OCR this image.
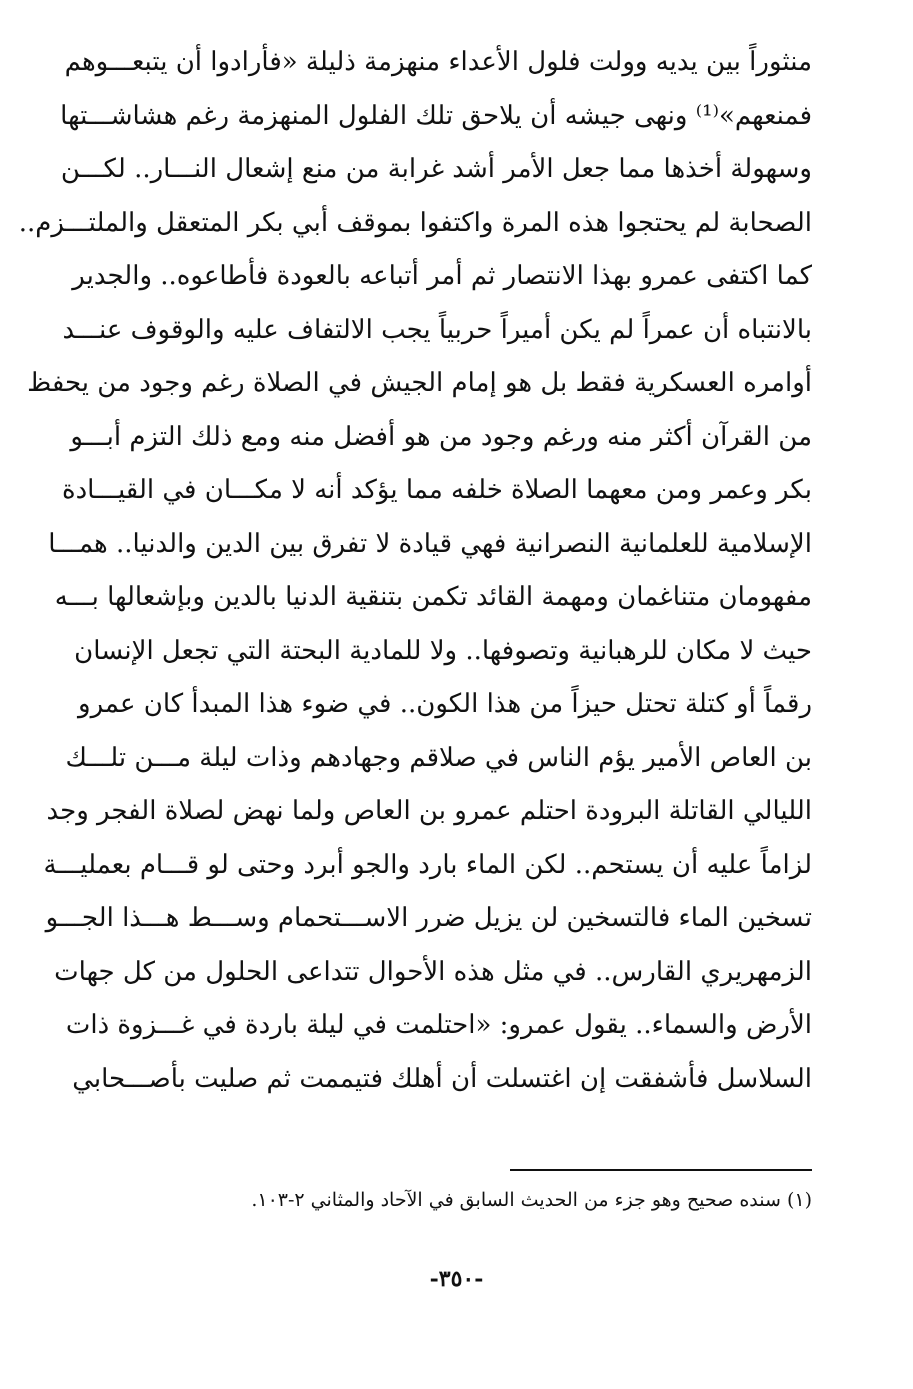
منثوراً بين يديه وولت فلول الأعداء منهزمة ذليلة «فأرادوا أن يتبعـــوهم
فمنعهم»⁽¹⁾ ونهى جيشه أن يلاحق تلك الفلول المنهزمة رغم هشاشـــتها
وسهولة أخذها مما جعل الأمر أشد غرابة من منع إشعال النـــار.. لكـــن
الصحابة لم يحتجوا هذه المرة واكتفوا بموقف أبي بكر المتعقل والملتـــزم..
كما اكتفى عمرو بهذا الانتصار ثم أمر أتباعه بالعودة فأطاعوه.. والجدير
بالانتباه أن عمراً لم يكن أميراً حربياً يجب الالتفاف عليه والوقوف عنـــد
أوامره العسكرية فقط بل هو إمام الجيش في الصلاة رغم وجود من يحفظ
من القرآن أكثر منه ورغم وجود من هو أفضل منه ومع ذلك التزم أبـــو
بكر وعمر ومن معهما الصلاة خلفه مما يؤكد أنه لا مكـــان في القيـــادة
الإسلامية للعلمانية النصرانية فهي قيادة لا تفرق بين الدين والدنيا.. همـــا
مفهومان متناغمان ومهمة القائد تكمن بتنقية الدنيا بالدين وبإشعالها بـــه
حيث لا مكان للرهبانية وتصوفها.. ولا للمادية البحتة التي تجعل الإنسان
رقماً أو كتلة تحتل حيزاً من هذا الكون.. في ضوء هذا المبدأ كان عمرو
بن العاص الأمير يؤم الناس في صلاقم وجهادهم وذات ليلة مـــن تلـــك
الليالي القاتلة البرودة احتلم عمرو بن العاص ولما نهض لصلاة الفجر وجد
لزاماً عليه أن يستحم.. لكن الماء بارد والجو أبرد وحتى لو قـــام بعمليـــة
تسخين الماء فالتسخين لن يزيل ضرر الاســـتحمام وســـط هـــذا الجـــو
الزمهريري القارس.. في مثل هذه الأحوال تتداعى الحلول من كل جهات
الأرض والسماء.. يقول عمرو: «احتلمت في ليلة باردة في غـــزوة ذات
السلاسل فأشفقت إن اغتسلت أن أهلك فتيممت ثم صليت بأصـــحابي

(١) سنده صحيح وهو جزء من الحديث السابق في الآحاد والمثاني ٢-١٠٣.

-٣٥٠-
